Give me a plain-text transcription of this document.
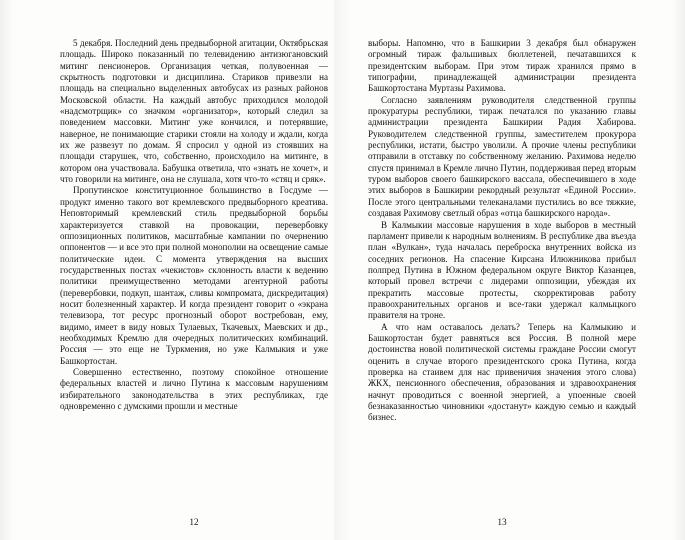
5 декабря. Последний день предвыборной агитации, Октябрьская площадь. Широко показанный по телевидению антизюгановский митинг пенсионеров. Организация четкая, полувоенная — скрытность подготовки и дисциплина. Стариков привезли на площадь на специально выделенных автобусах из разных районов Московской области. На каждый автобус приходился молодой «надсмотрщик» со значком «организатор», который следил за поведением массовки. Митинг уже кончился, и потерявшие, наверное, не понимающие старики стояли на холоду и ждали, когда их же развезут по домам. Я спросил у одной из стоявших на площади старушек, что, собственно, происходило на митинге, в котором она участвовала. Бабушка ответила, что «знать не хочет», и что говорили на митинге, она не слушала, хотя что-то «стяц и сряк».

Пропутинское конституционное большинство в Госдуме — продукт именно такого вот кремлевского предвыборного креатива. Неповторимый кремлевский стиль предвыборной борьбы характеризуется ставкой на провокации, перевербовку оппозиционных политиков, масштабные кампании по очернению оппонентов — и все это при полной монополии на освещение самые политические идеи. С момента утверждения на высших государственных постах «чекистов» склонность власти к ведению политики преимущественно методами агентурной работы (перевербовки, подкуп, шантаж, сливы компромата, дискредитация) носит болезненный характер. И когда президент говорит о «экрана телевизора, тот ресурс прогнозный оборот востребован, ему, видимо, имеет в виду новых Тулаевых, Ткачевых, Маевских и др., необходимых Кремлю для очередных политических комбинаций. Россия — это еще не Туркмения, но уже Калмыкия и уже Башкортостан.

Совершенно естественно, поэтому спокойное отношение федеральных властей и лично Путина к массовым нарушениям избирательного законодательства в этих республиках, где одновременно с думскими прошли и местные

12

выборы. Напомню, что в Башкирии 3 декабря был обнаружен огромный тираж фальшивых бюллетеней, печатавшихся к президентским выборам. При этом тираж хранился прямо в типографии, принадлежащей администрации президента Башкортостана Муртазы Рахимова.

Согласно заявлениям руководителя следственной группы прокуратуры республики, тираж печатался по указанию главы администрации президента Башкирии Радия Хабирова. Руководителем следственной группы, заместителем прокурора республики, истати, быстро уволили. А прочие члены республики отправили в отставку по собственному желанию. Рахимова неделю спустя принимал в Кремле лично Путин, поддерживая перед вторым туром выборов своего башкирского вассала, обеспечившего в ходе этих выборов в Башкирии рекордный результат «Единой России». После этого центральными телеканалами пустились во все тяжкие, создавая Рахимову светлый образ «отца башкирского народа».

В Калмыкии массовые нарушения в ходе выборов в местный парламент привели к народным волнениям. В республике два въезда план «Вулкан», туда началась переброска внутренних войска из соседних регионов. На спасение Кирсана Илюжникова прибыл полпред Путина в Южном федеральном округе Виктор Казанцев, который провел встречи с лидерами оппозиции, убеждая их прекратить массовые протесты, скорректировав работу правоохранительных органов и все-таки удержал калмыцкого правителя на троне.

А что нам оставалось делать? Теперь на Калмыкию и Башкортостан будет равняться вся Россия. В полной мере достоинства новой политической системы граждане России смогут оценить в случае второго президентского срока Путина, когда проверка на стаивем для нас привеничия значения этого слова) ЖКХ, пенсионного обеспечения, образования и здравоохранения начнут проводиться с военной энергией, а упоенные своей безнаказанностью чиновники «достанут» каждую семью и каждый бизнес.

13
